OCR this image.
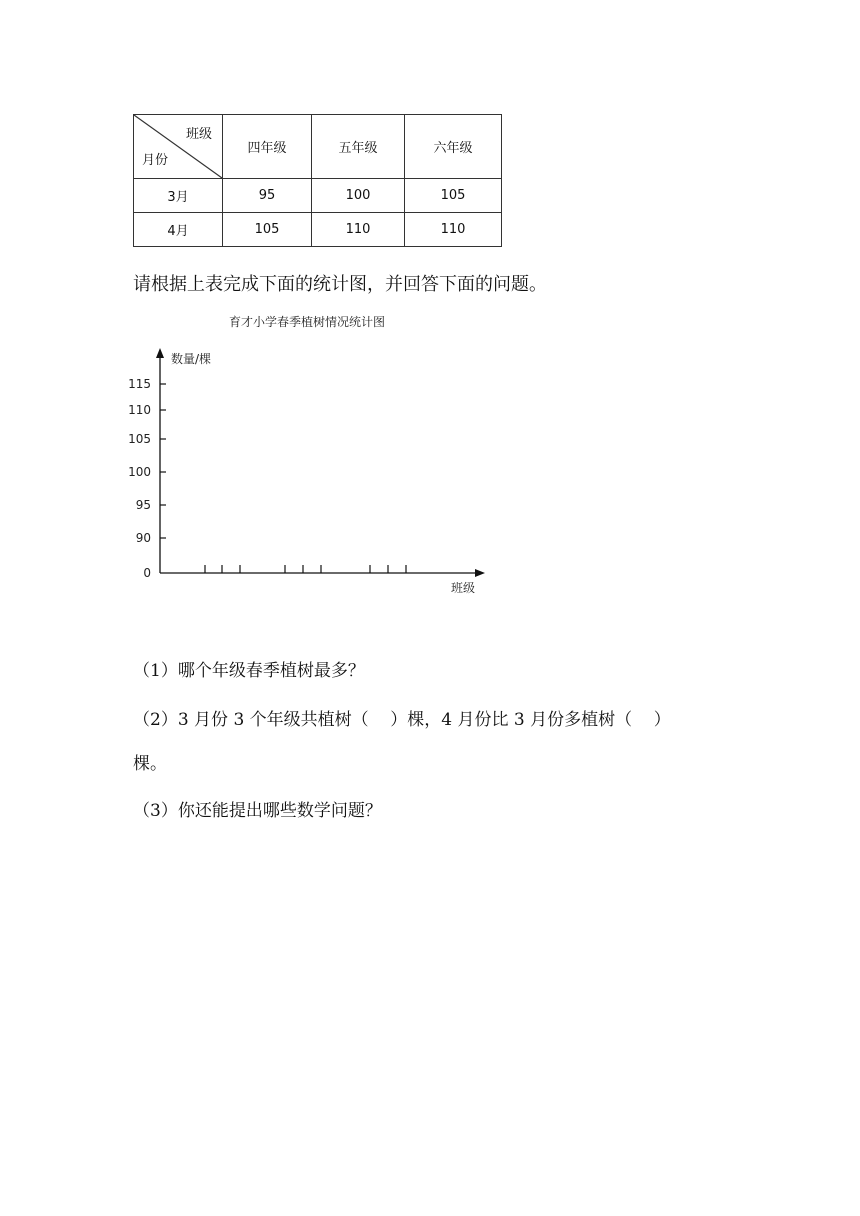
班级
月份	四年级	五年级	六年级
3月	95	100	105
4月	105	110	110
请根据上表完成下面的统计图，并回答下面的问题。
育才小学春季植树情况统计图
数量/棵
班级
0
90
95
100
105
110
115
（1）哪个年级春季植树最多？
（2）3 月份 3 个年级共植树（    ）棵，4 月份比 3 月份多植树（    ）
棵。
（3）你还能提出哪些数学问题？
